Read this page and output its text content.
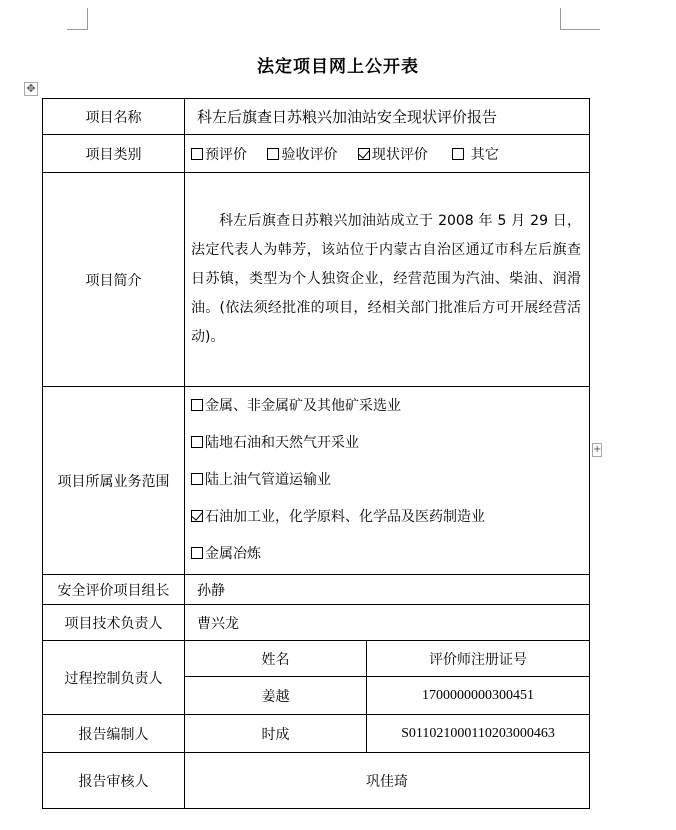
法定项目网上公开表
✥
+
项目名称	科左后旗查日苏粮兴加油站安全现状评价报告	
项目类别	预评价 验收评价 现状评价 其它	
项目简介	科左后旗查日苏粮兴加油站成立于 2008 年 5 月 29 日，法定代表人为韩芳，该站位于内蒙古自治区通辽市科左后旗查日苏镇，类型为个人独资企业，经营范围为汽油、柴油、润滑油。(依法须经批准的项目，经相关部门批准后方可开展经营活动)。	
项目所属业务范围	金属、非金属矿及其他矿采选业
陆地石油和天然气开采业
陆上油气管道运输业
石油加工业，化学原料、化学品及医药制造业
金属冶炼	

安全评价项目组长	孙静	
项目技术负责人	曹兴龙	
过程控制负责人	姓名	评价师注册证号
	姜越	1700000000300451
报告编制人	时成	S011021000110203000463
报告审核人	巩佳琦	
